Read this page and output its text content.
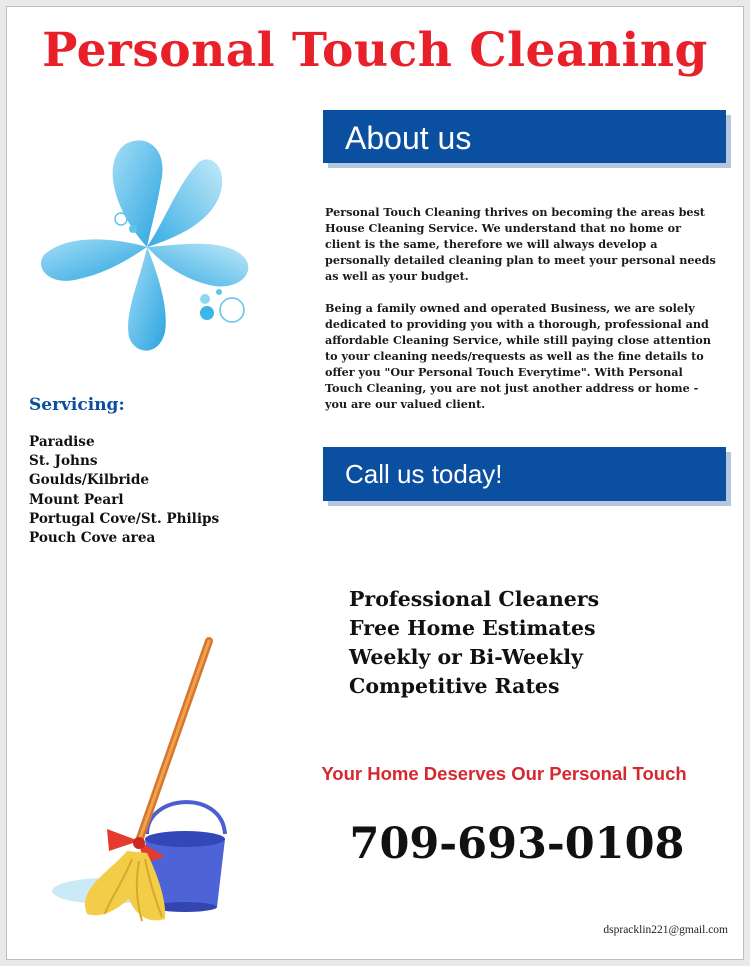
Personal Touch Cleaning
About us

Personal Touch Cleaning thrives on becoming the areas best House Cleaning Service. We understand that no home or client is the same, therefore we will always develop a personally detailed cleaning plan to meet your personal needs as well as your budget.

Being a family owned and operated Business, we are solely dedicated to providing you with a thorough, professional and affordable Cleaning Service, while still paying close attention to your cleaning needs/requests as well as the fine details to offer you "Our Personal Touch Everytime". With Personal Touch Cleaning, you are not just another address or home - you are our valued client.

Servicing:
Paradise
St. Johns
Goulds/Kilbride
Mount Pearl
Portugal Cove/St. Philips
Pouch Cove area
Call us today!
Professional Cleaners
Free Home Estimates
Weekly or Bi-Weekly
Competitive Rates
Your Home Deserves Our Personal Touch
709-693-0108
dspracklin221@gmail.com
